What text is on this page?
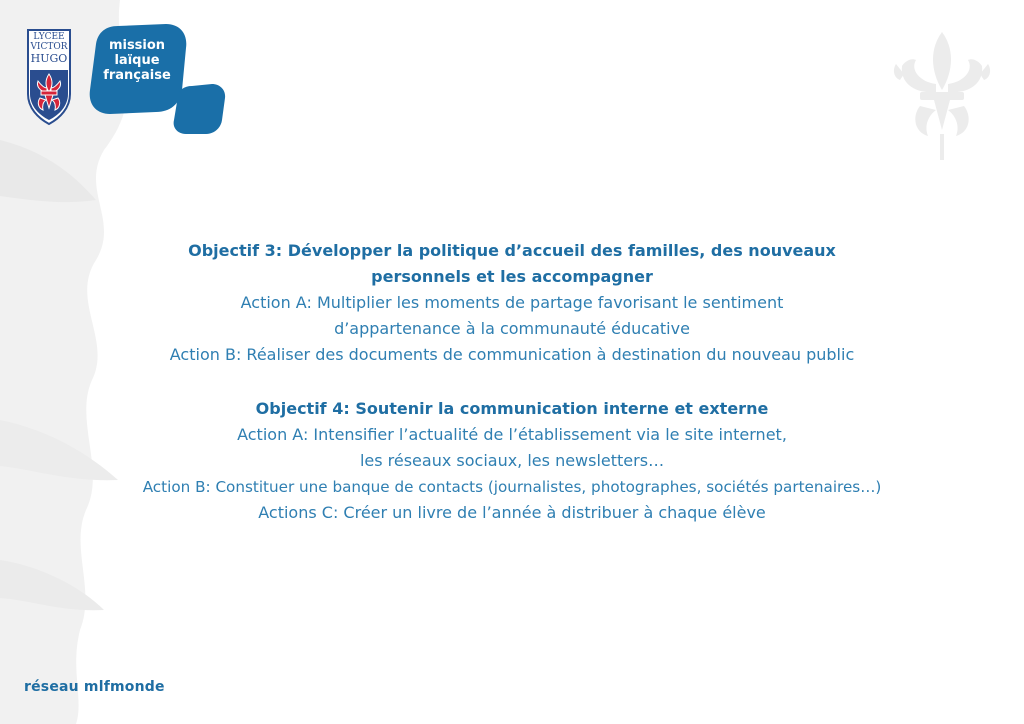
LYCEE
VICTOR
HUGO
mission
laïque
française
Objectif 3: Développer la politique d’accueil des familles, des nouveaux
personnels et les accompagner
Action A: Multiplier les moments de partage favorisant le sentiment
d’appartenance à la communauté éducative
Action B: Réaliser des documents de communication à destination du nouveau public
Objectif 4: Soutenir la communication interne et externe
Action A: Intensifier l’actualité de l’établissement via le site internet,
les réseaux sociaux, les newsletters…
Action B: Constituer une banque de contacts (journalistes, photographes, sociétés partenaires…)
Actions C: Créer un livre de l’année à distribuer à chaque élève
réseau mlfmonde
